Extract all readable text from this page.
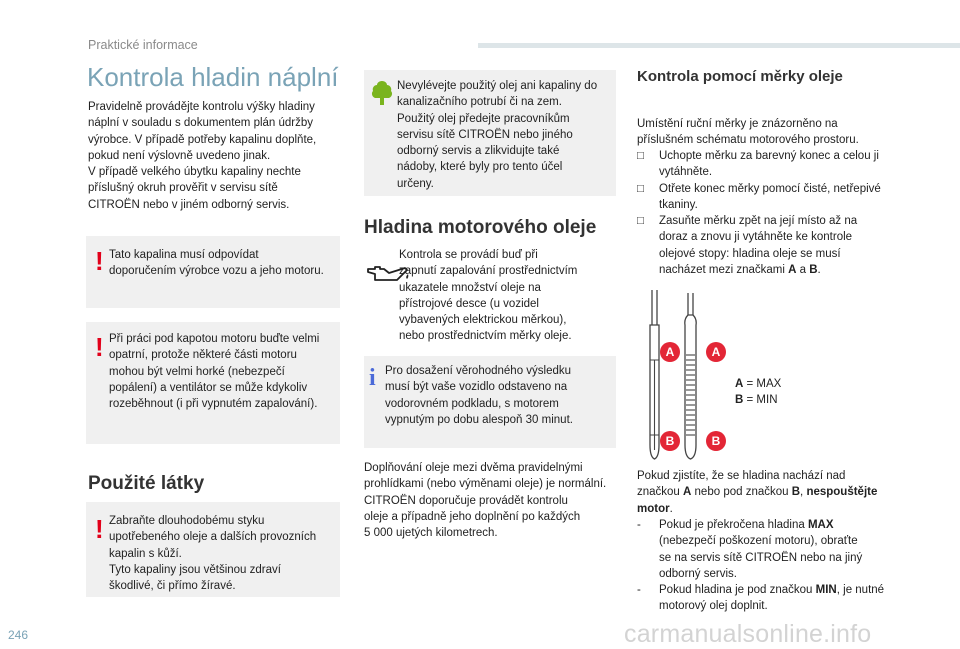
Praktické informace
Kontrola hladin náplní
Pravidelně provádějte kontrolu výšky hladiny
náplní v souladu s dokumentem plán údržby
výrobce. V případě potřeby kapalinu doplňte,
pokud není výslovně uvedeno jinak.
V případě velkého úbytku kapaliny nechte
příslušný okruh prověřit v servisu sítě
CITROËN nebo v jiném odborný servis.
! Tato kapalina musí odpovídat
doporučením výrobce vozu a jeho motoru.
! Při práci pod kapotou motoru buďte velmi
opatrní, protože některé části motoru
mohou být velmi horké (nebezpečí
popálení) a ventilátor se může kdykoliv
rozeběhnout (i při vypnutém zapalování).
Použité látky
! Zabraňte dlouhodobému styku
upotřebeného oleje a dalších provozních
kapalin s kůží.
Tyto kapaliny jsou většinou zdraví
škodlivé, či přímo žíravé.
Nevylévejte použitý olej ani kapaliny do
kanalizačního potrubí či na zem.
Použitý olej předejte pracovníkům
servisu sítě CITROËN nebo jiného
odborný servis a zlikvidujte také
nádoby, které byly pro tento účel
určeny.
Hladina motorového oleje
Kontrola se provádí buď při
zapnutí zapalování prostřednictvím
ukazatele množství oleje na
přístrojové desce (u vozidel
vybavených elektrickou měrkou),
nebo prostřednictvím měrky oleje.
i Pro dosažení věrohodného výsledku
musí být vaše vozidlo odstaveno na
vodorovném podkladu, s motorem
vypnutým po dobu alespoň 30 minut.
Doplňování oleje mezi dvěma pravidelnými
prohlídkami (nebo výměnami oleje) je normální.
CITROËN doporučuje provádět kontrolu
oleje a případně jeho doplnění po každých
5 000 ujetých kilometrech.
Kontrola pomocí měrky oleje
Umístění ruční měrky je znázorněno na
příslušném schématu motorového prostoru.
□ Uchopte měrku za barevný konec a celou ji
vytáhněte.
□ Otřete konec měrky pomocí čisté, netřepivé
tkaniny.
□ Zasuňte měrku zpět na její místo až na
doraz a znovu ji vytáhněte ke kontrole
olejové stopy: hladina oleje se musí
nacházet mezi značkami A a B.
A	A
B	B
A = MAX
B = MIN
Pokud zjistíte, že se hladina nachází nad
značkou A nebo pod značkou B, nespouštějte
motor.
- Pokud je překročena hladina MAX
(nebezpečí poškození motoru), obraťte
se na servis sítě CITROËN nebo na jiný
odborný servis.
- Pokud hladina je pod značkou MIN, je nutné
motorový olej doplnit.
246	carmanualsonline.info
